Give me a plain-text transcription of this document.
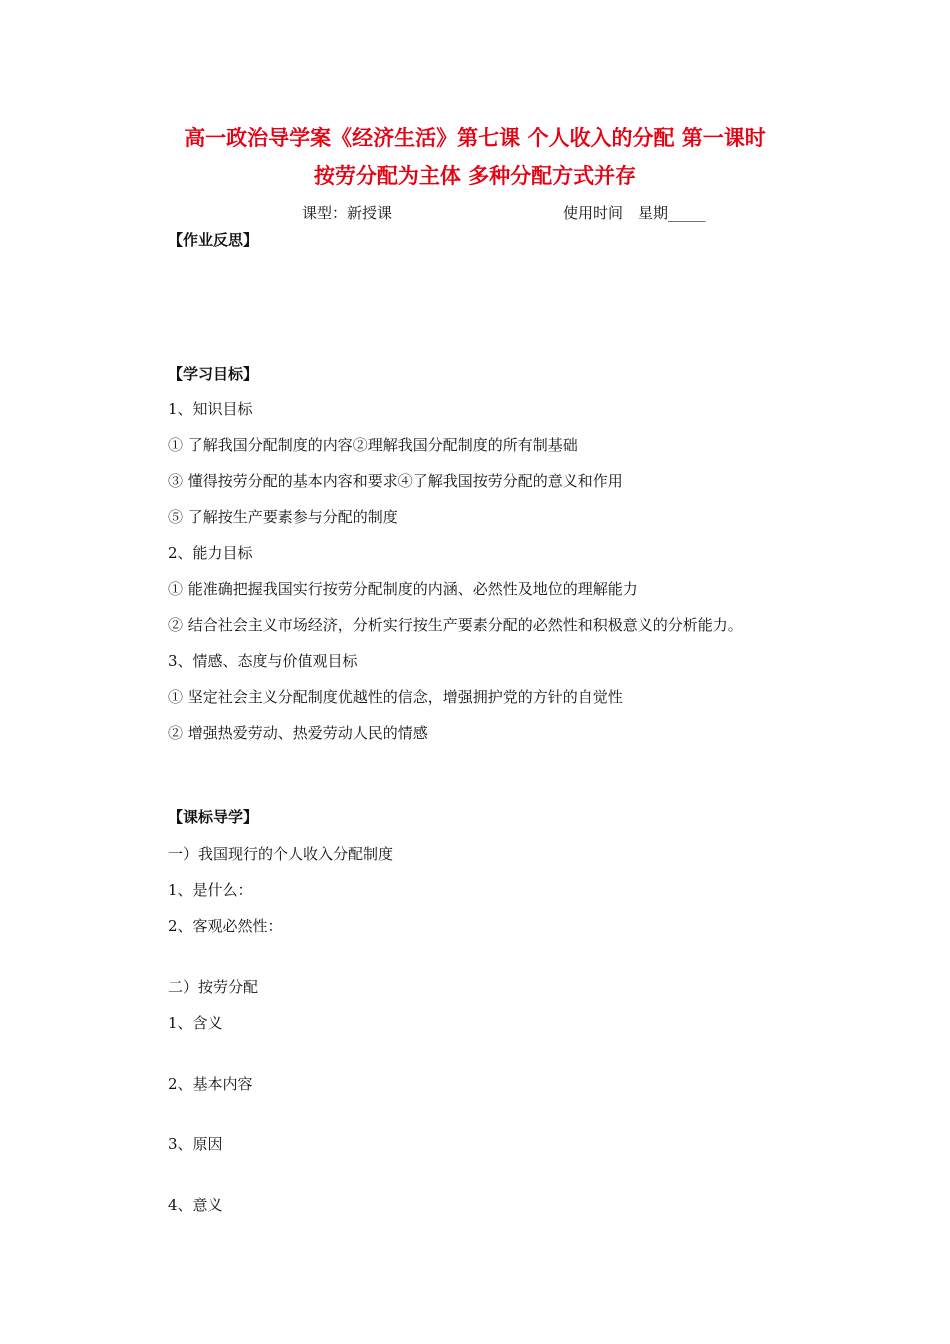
高一政治导学案《经济生活》第七课 个人收入的分配 第一课时
按劳分配为主体 多种分配方式并存
课型：新授课	使用时间　星期_____
【作业反思】
【学习目标】
1、知识目标
① 了解我国分配制度的内容②理解我国分配制度的所有制基础
③ 懂得按劳分配的基本内容和要求④了解我国按劳分配的意义和作用
⑤ 了解按生产要素参与分配的制度
2、能力目标
① 能准确把握我国实行按劳分配制度的内涵、必然性及地位的理解能力
② 结合社会主义市场经济，分析实行按生产要素分配的必然性和积极意义的分析能力。
3、情感、态度与价值观目标
① 坚定社会主义分配制度优越性的信念，增强拥护党的方针的自觉性
② 增强热爱劳动、热爱劳动人民的情感
【课标导学】
一）我国现行的个人收入分配制度
1、是什么：
2、客观必然性：
二）按劳分配
1、含义
2、基本内容
3、原因
4、意义
